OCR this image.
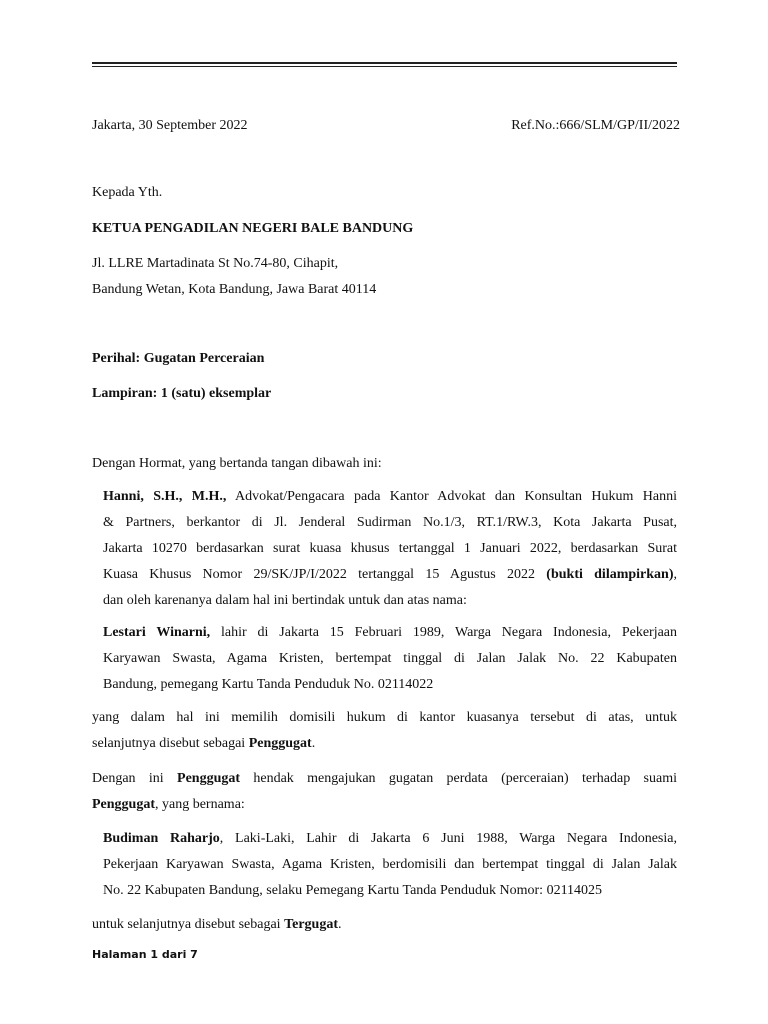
Jakarta, 30 September 2022	Ref.No.:666/SLM/GP/II/2022
Kepada Yth.
KETUA PENGADILAN NEGERI BALE BANDUNG
Jl. LLRE Martadinata St No.74-80, Cihapit,
Bandung Wetan, Kota Bandung, Jawa Barat 40114
Perihal: Gugatan Perceraian
Lampiran: 1 (satu) eksemplar
Dengan Hormat, yang bertanda tangan dibawah ini:
Hanni, S.H., M.H., Advokat/Pengacara pada Kantor Advokat dan Konsultan Hukum Hanni
& Partners, berkantor di Jl. Jenderal Sudirman No.1/3, RT.1/RW.3, Kota Jakarta Pusat,
Jakarta 10270 berdasarkan surat kuasa khusus tertanggal 1 Januari 2022, berdasarkan Surat
Kuasa Khusus Nomor 29/SK/JP/I/2022 tertanggal 15 Agustus 2022 (bukti dilampirkan),
dan oleh karenanya dalam hal ini bertindak untuk dan atas nama:
Lestari Winarni, lahir di Jakarta 15 Februari 1989, Warga Negara Indonesia, Pekerjaan
Karyawan Swasta, Agama Kristen, bertempat tinggal di Jalan Jalak No. 22 Kabupaten
Bandung, pemegang Kartu Tanda Penduduk No. 02114022
yang dalam hal ini memilih domisili hukum di kantor kuasanya tersebut di atas, untuk
selanjutnya disebut sebagai Penggugat.
Dengan ini Penggugat hendak mengajukan gugatan perdata (perceraian) terhadap suami
Penggugat, yang bernama:
Budiman Raharjo, Laki-Laki, Lahir di Jakarta 6 Juni 1988, Warga Negara Indonesia,
Pekerjaan Karyawan Swasta, Agama Kristen, berdomisili dan bertempat tinggal di Jalan Jalak
No. 22 Kabupaten Bandung, selaku Pemegang Kartu Tanda Penduduk Nomor: 02114025
untuk selanjutnya disebut sebagai Tergugat.
Halaman 1 dari 7
